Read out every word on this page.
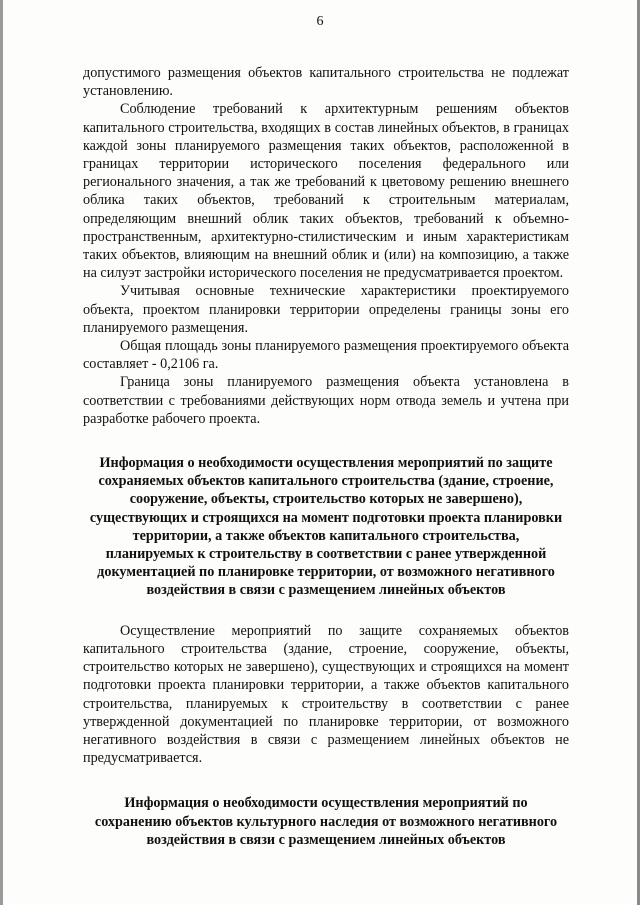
6

допустимого размещения объектов капитального строительства не подлежат установлению.

Соблюдение требований к архитектурным решениям объектов капитального строительства, входящих в состав линейных объектов, в границах каждой зоны планируемого размещения таких объектов, расположенной в границах территории исторического поселения федерального или регионального значения, а так же требований к цветовому решению внешнего облика таких объектов, требований к строительным материалам, определяющим внешний облик таких объектов, требований к объемно-пространственным, архитектурно-стилистическим и иным характеристикам таких объектов, влияющим на внешний облик и (или) на композицию, а также на силуэт застройки исторического поселения не предусматривается проектом.

Учитывая основные технические характеристики проектируемого объекта, проектом планировки территории определены границы зоны его планируемого размещения.

Общая площадь зоны планируемого размещения проектируемого объекта составляет - 0,2106 га.

Граница зоны планируемого размещения объекта установлена в соответствии с требованиями действующих норм отвода земель и учтена при разработке рабочего проекта.

Информация о необходимости осуществления мероприятий по защите сохраняемых объектов капитального строительства (здание, строение, сооружение, объекты, строительство которых не завершено), существующих и строящихся на момент подготовки проекта планировки территории, а также объектов капитального строительства, планируемых к строительству в соответствии с ранее утвержденной документацией по планировке территории, от возможного негативного воздействия в связи с размещением линейных объектов

Осуществление мероприятий по защите сохраняемых объектов капитального строительства (здание, строение, сооружение, объекты, строительство которых не завершено), существующих и строящихся на момент подготовки проекта планировки территории, а также объектов капитального строительства, планируемых к строительству в соответствии с ранее утвержденной документацией по планировке территории, от возможного негативного воздействия в связи с размещением линейных объектов не предусматривается.

Информация о необходимости осуществления мероприятий по сохранению объектов культурного наследия от возможного негативного воздействия в связи с размещением линейных объектов
